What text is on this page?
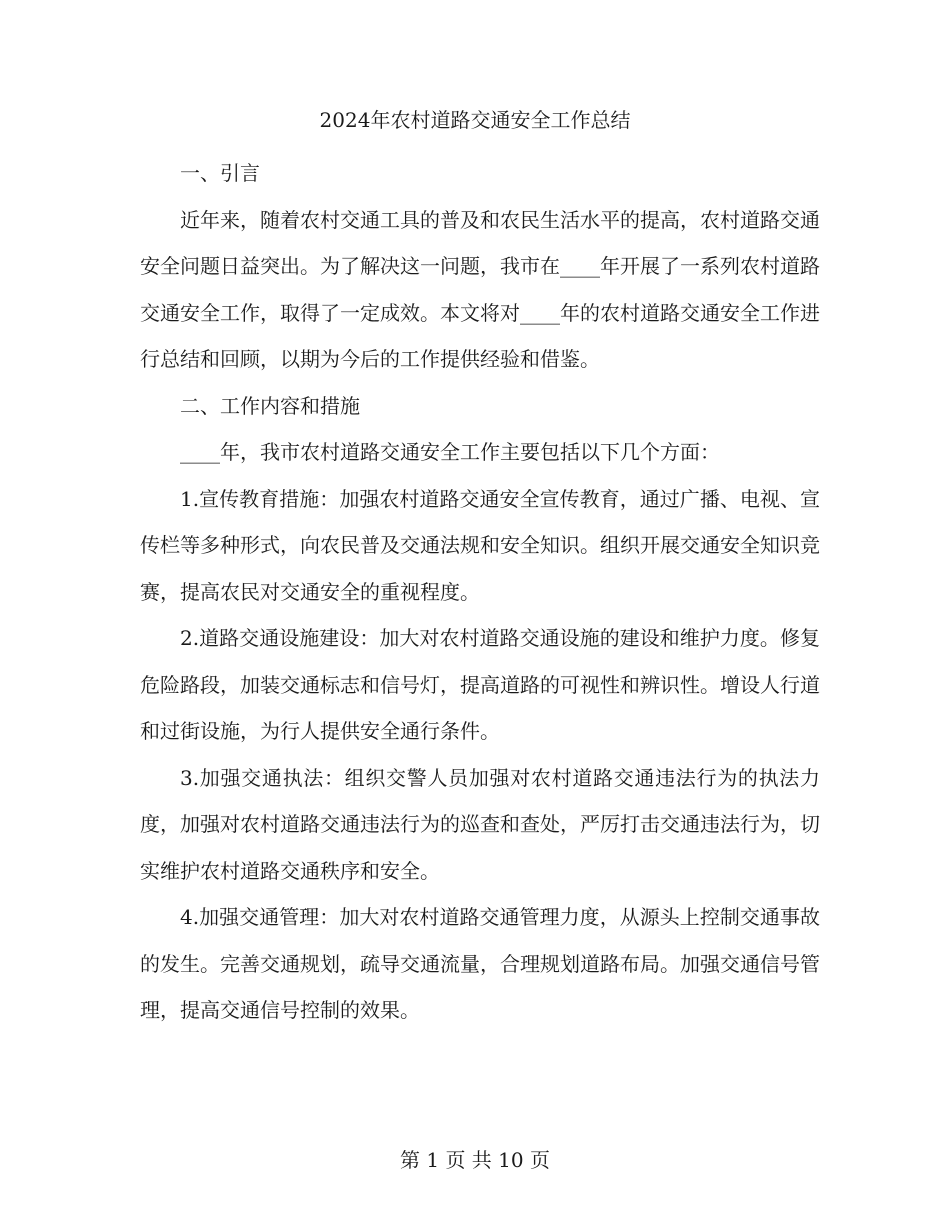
2024年农村道路交通安全工作总结

一、引言

近年来，随着农村交通工具的普及和农民生活水平的提高，农村道路交通安全问题日益突出。为了解决这一问题，我市在____年开展了一系列农村道路交通安全工作，取得了一定成效。本文将对____年的农村道路交通安全工作进行总结和回顾，以期为今后的工作提供经验和借鉴。

二、工作内容和措施

____年，我市农村道路交通安全工作主要包括以下几个方面：

1.宣传教育措施：加强农村道路交通安全宣传教育，通过广播、电视、宣传栏等多种形式，向农民普及交通法规和安全知识。组织开展交通安全知识竞赛，提高农民对交通安全的重视程度。

2.道路交通设施建设：加大对农村道路交通设施的建设和维护力度。修复危险路段，加装交通标志和信号灯，提高道路的可视性和辨识性。增设人行道和过街设施，为行人提供安全通行条件。

3.加强交通执法：组织交警人员加强对农村道路交通违法行为的执法力度，加强对农村道路交通违法行为的巡查和查处，严厉打击交通违法行为，切实维护农村道路交通秩序和安全。

4.加强交通管理：加大对农村道路交通管理力度，从源头上控制交通事故的发生。完善交通规划，疏导交通流量，合理规划道路布局。加强交通信号管理，提高交通信号控制的效果。

第 1 页 共 10 页
